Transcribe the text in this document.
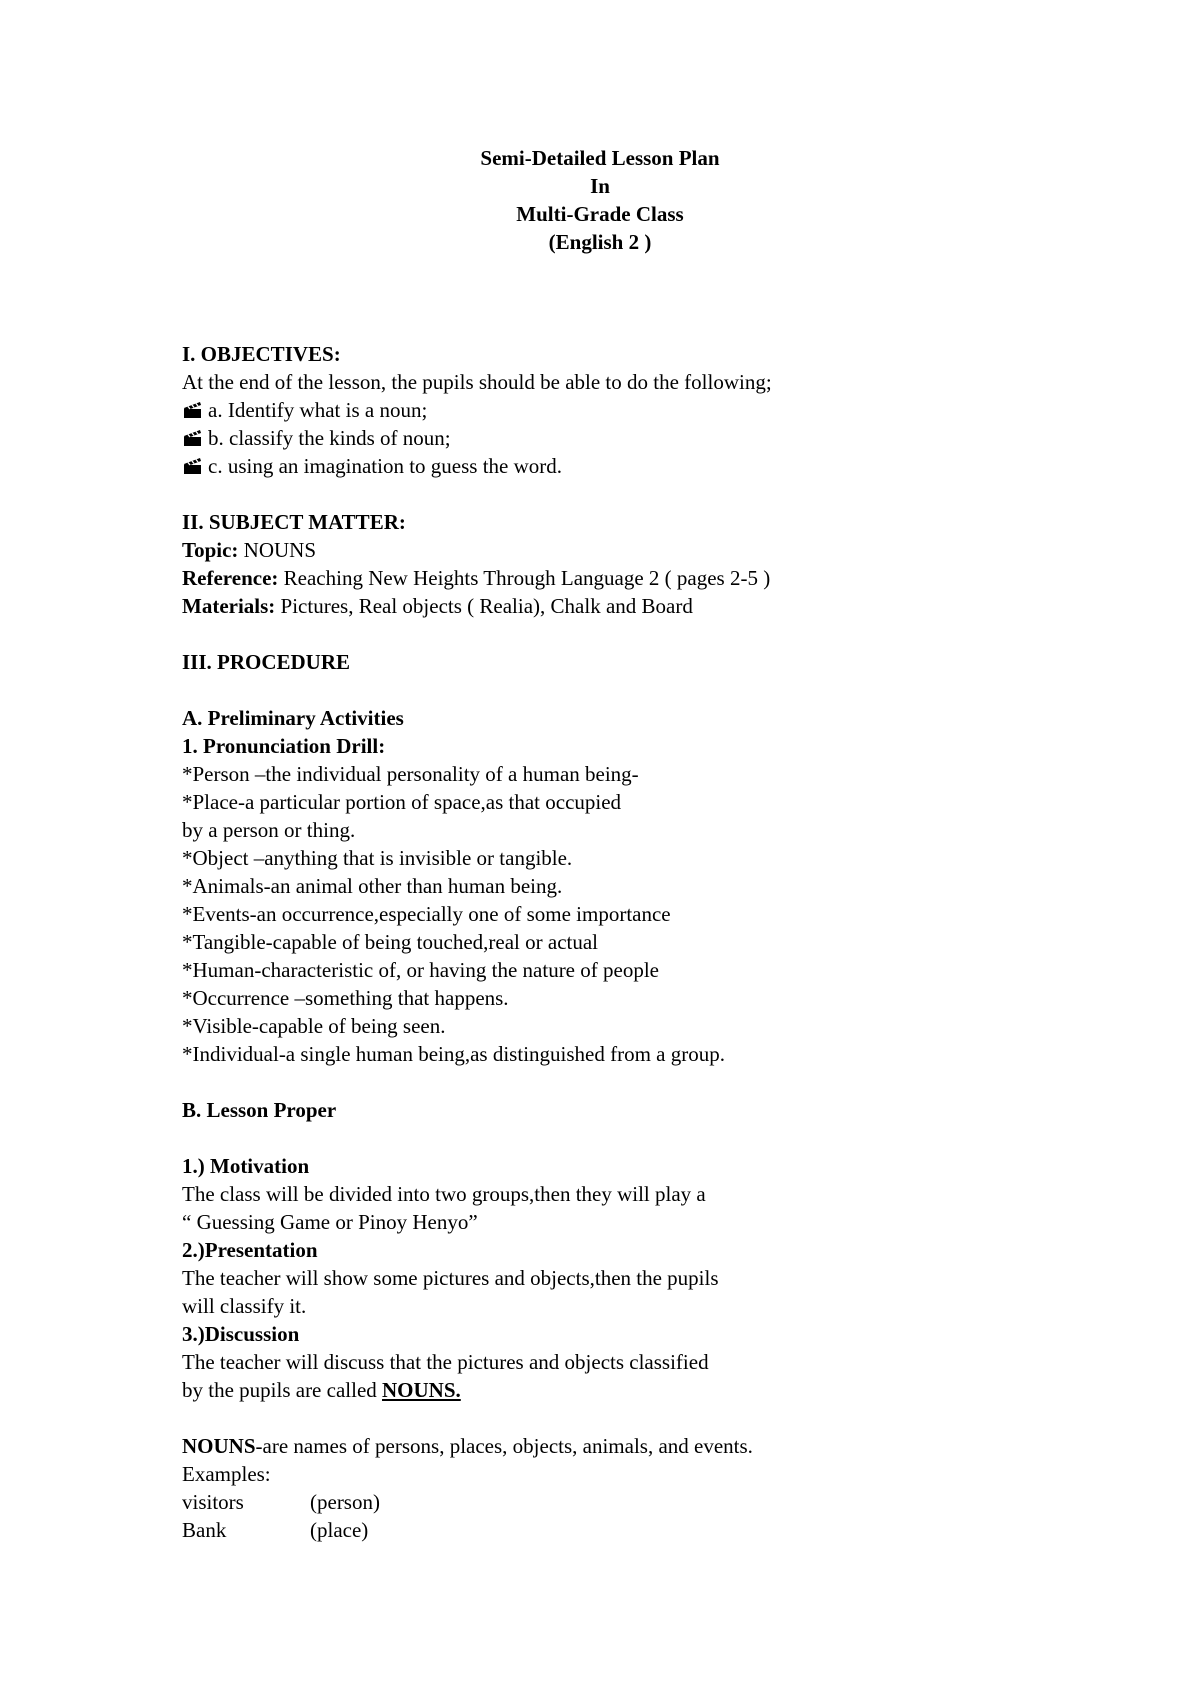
Semi-Detailed Lesson Plan
In
Multi-Grade Class
(English 2 )
I. OBJECTIVES:
At the end of the lesson, the pupils should be able to do the following;
a. Identify what is a noun;
b. classify the kinds of noun;
c. using an imagination to guess the word.
II. SUBJECT MATTER:
Topic: NOUNS
Reference: Reaching New Heights Through Language 2 ( pages 2-5 )
Materials: Pictures, Real objects ( Realia), Chalk and Board
III. PROCEDURE
A. Preliminary Activities
1. Pronunciation Drill:
*Person –the individual personality of a human being-
*Place-a particular portion of space,as that occupied
by a person or thing.
*Object –anything that is invisible or tangible.
*Animals-an animal other than human being.
*Events-an occurrence,especially one of some importance
*Tangible-capable of being touched,real or actual
*Human-characteristic of, or having the nature of people
*Occurrence –something that happens.
*Visible-capable of being seen.
*Individual-a single human being,as distinguished from a group.
B. Lesson Proper
1.) Motivation
The class will be divided into two groups,then they will play a
“ Guessing Game or Pinoy Henyo”
2.)Presentation
The teacher will show some pictures and objects,then the pupils
will classify it.
3.)Discussion
The teacher will discuss that the pictures and objects classified
by the pupils are called NOUNS.
NOUNS-are names of persons, places, objects, animals, and events.
Examples:
visitors	(person)
Bank	(place)
